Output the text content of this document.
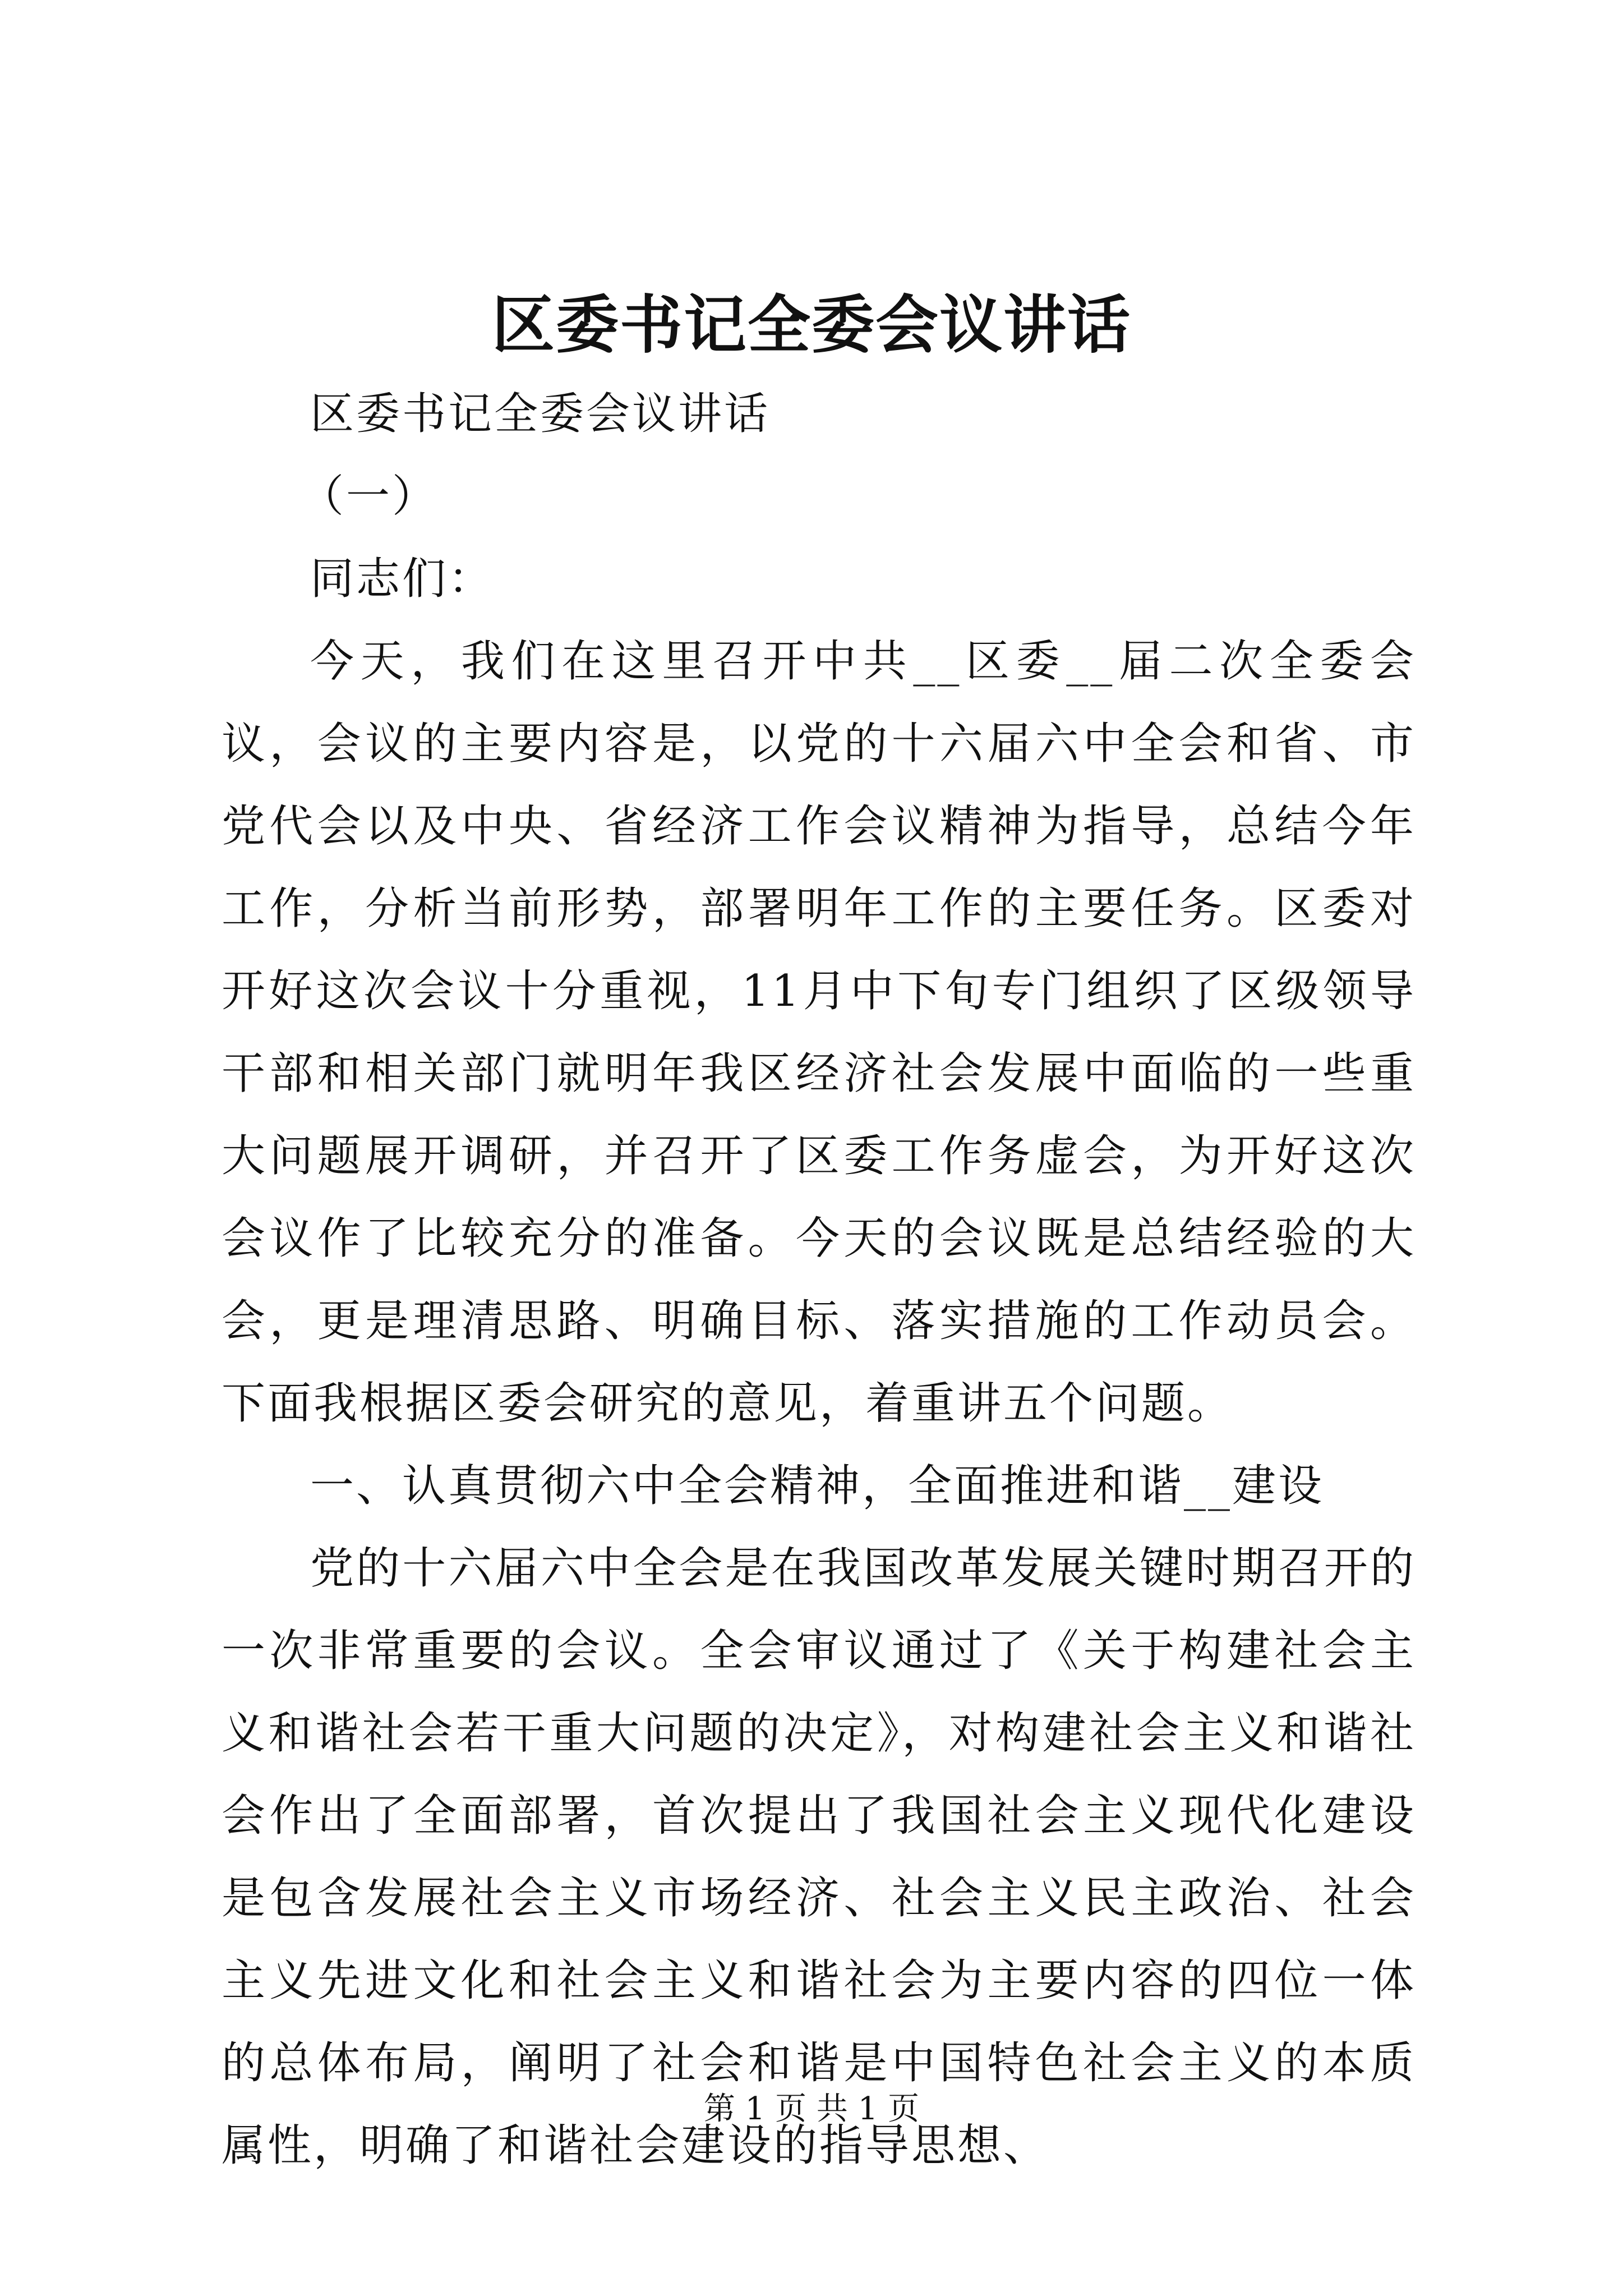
区委书记全委会议讲话

区委书记全委会议讲话

（一）

同志们：

今天，我们在这里召开中共__区委__届二次全委会议，会议的主要内容是，以党的十六届六中全会和省、市党代会以及中央、省经济工作会议精神为指导，总结今年工作，分析当前形势，部署明年工作的主要任务。区委对开好这次会议十分重视，11月中下旬专门组织了区级领导干部和相关部门就明年我区经济社会发展中面临的一些重大问题展开调研，并召开了区委工作务虚会，为开好这次会议作了比较充分的准备。今天的会议既是总结经验的大会，更是理清思路、明确目标、落实措施的工作动员会。下面我根据区委会研究的意见，着重讲五个问题。

一、认真贯彻六中全会精神，全面推进和谐__建设

党的十六届六中全会是在我国改革发展关键时期召开的一次非常重要的会议。全会审议通过了《关于构建社会主义和谐社会若干重大问题的决定》，对构建社会主义和谐社会作出了全面部署，首次提出了我国社会主义现代化建设是包含发展社会主义市场经济、社会主义民主政治、社会主义先进文化和社会主义和谐社会为主要内容的四位一体的总体布局，阐明了社会和谐是中国特色社会主义的本质属性，明确了和谐社会建设的指导思想、

第 1 页 共 1 页
